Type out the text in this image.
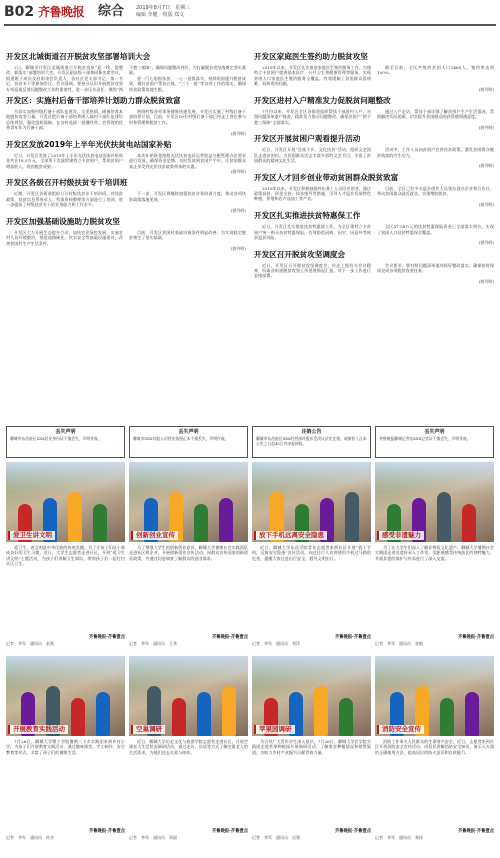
B02 齐鲁晚报 综合 2019年8月7日　星期三
编辑 李健　组版 郑文
开发区北城街道召开脱贫攻坚部署培训大会

2日，聊城市开发区北城街道召开脱贫攻坚“迎一线、促整改、抓落实”部署培训大会。开发区副县级干部黄同新出席会议，街道班子成员及驻街单位负责人、各社区党支部书记、第一书记、扶贫专干等参加会议。会议强调，要充分认识开展脱贫攻坚专项巡视反馈问题整改工作的重要性，进一步压实责任，聚焦“两不愁三保障”，确保问题整改到位，为打赢脱贫攻坚战奠定坚实基础。

要一门心思抓扶贫，一心一意抓落实，持续巩固提升脱贫成果，做好贫困户帮扶台账、“三个一批”等各项工作的落实，确保扶贫政策落地生根。

开发区：实施村后备干部培养计划助力群众脱贫致富

为切实加强村级后备干部队伍建设，全见热情，储备培育本地脱贫攻坚力量，开发区把后备干部培养纳入镇村干部队伍建设总体规划，强化组织保障，在各村选拔一批懂经营、会管理的优秀青年作为后备干部。

围绕村级各项事务健康快速发展，开发区实施了村级后备干部培养计划，目前，开发区18名村级后备干部已经走上岗位参与村务管理和脱贫工作。

(郭丹明)
开发区发放2019年上半年光伏扶贫电站国家补贴

近日，开发区发放了2019年上半年光伏扶贫电站国家补贴资金共计18.5万元，全部用于发放给建档立卡贫困户，帮助贫困户增加收入，巩固脱贫成果。

本次补贴资金按照光伏扶贫电站运营收益分配管理办法要求进行发放，确保资金足额、及时发放到贫困户手中，让贫困群众真正享受到光伏扶贫政策带来的实惠。

(郭丹明)
开发区各级召开村级扶贫专干培训班

近期，开发区各街道组织召开村级扶贫专干培训班，对扶贫政策、扶贫信息系统录入、档案资料整理等方面进行了培训，进一步提高了村级扶贫专干的业务能力和工作水平。

下一步，开发区将继续加强扶贫业务培训力度，推动各项扶贫政策落地见效。

(郭丹明)
开发区加强基础设施助力脱贫攻坚

开发区大力开展生态提升行动，加快农业绿色发展，实施农村人居环境整治，推进道路硬化、饮水安全等基础设施建设，改善贫困村生产生活条件。

目前，开发区贫困村基础设施条件明显改善，为实现稳定脱贫奠定了坚实基础。

(郭丹明)
开发区家庭医生签约助力脱贫攻坚

2019年以来，开发区扎实推进家庭医生签约服务工作，为建档立卡贫困户提供基本医疗、公共卫生和健康管理等服务，实现贫困人口家庭医生签约服务全覆盖，有效缓解了贫困群众看病难、看病贵的问题。

截至目前，全区共签约贫困人口1468人，签约率达到100%。

(郭丹明)
开发区进村入户精准发力促脱贫问题整改

7月份以来，开发区全区各街道组织帮扶干部进村入户，对照问题清单逐户排查，精准发力推动问题整改，确保贫困户“两不愁三保障”全面落实。

通过入户走访，帮扶干部详细了解贫困户生产生活情况，帮助解决实际困难，切实提升贫困群众的获得感和满意度。

(郭丹明)
开发区开展贫困户观看提升活动

近日，开发区开展“送戏下乡、文化扶贫”活动，组织文艺团队走进贫困村，为贫困群众送去丰富多彩的文艺节目，丰富了贫困群众的精神文化生活。

活动中，工作人员向贫困户宣讲扶贫政策，激发贫困群众脱贫致富的内生动力。

(郭丹明)
开发区人才回乡创业带动贫困群众脱贫致富

2019年以来，开发区积极鼓励外出务工人员回乡创业，通过政策扶持、资金支持、技术指导等措施，引导人才返乡发展特色种植、养殖和农产品加工等产业。

目前，全区已有多名返乡创业人员领办创办企业和合作社，带动贫困群众就近就业，实现增收脱贫。

(郭丹明)
开发区扎实推进扶贫特惠保工作

近日，开发区扎实推进扶贫特惠保工作，为全区建档立卡贫困户统一购买扶贫特惠保险，有效防范因病、因灾、因意外等致贫返贫风险。

全区47.58万元的扶贫特惠保险资金已全部落实到位，实现了贫困人口扶贫特惠保全覆盖。

(郭丹明)
开发区召开脱贫攻坚调度会

近日，开发区召开脱贫攻坚调度会，传达上级有关会议精神，听取各街道脱贫攻坚工作进展情况汇报，对下一步工作进行安排部署。

会议要求，要对照问题清单逐项抓好整改落实，确保按时保质完成各项脱贫攻坚任务。

(郭丹明)
丢失声明
聊城市东昌府区XXX居民身份证不慎丢失，声明作废。
丢失声明
聊城市XXX有限公司营业执照正本不慎丢失，声明作废。
注销公告
聊城市东昌府区XXX经营部经股东会决议决定注销，请债权人自本公告之日起45日内申报债权。
丢失声明
齐鲁晚报聊城记者站XXX记者证不慎丢失，声明作废。
爱卫生讲文明

爱卫生，讲文明是中华民族的传统美德。为了让孩子们从小养成良好的卫生习惯，近日，大学生志愿者走进社区，开展“爱卫生讲文明”主题活动，为孩子们讲解卫生知识，带领孩子们一起打扫社区卫生。

齐鲁晚报·齐鲁壹点
记者　李军　通讯员　赵燕
创新创业宣传

为了增强大学生的创新创业意识，聊城大学暑期社会实践团队走进社区和企业，开展创新创业宣传活动，向群众宣传国家创新创业政策，并通过问卷调查了解群众的创业需求。

齐鲁晚报·齐鲁壹点
记者　李军　通讯员　王华
放下手机远离安全隐患

近日，聊城大学东昌学院青年志愿者来到社区开展“放下手机，远离安全隐患”宣传活动，向过往行人宣讲使用手机过马路的危害，提醒大家注意出行安全，倡导文明出行。

齐鲁晚报·齐鲁壹点
记者　李军　通讯员　刘洋
感受非遗魅力

为了让大学生们深入了解非物质文化遗产，聊城大学暑期社会实践团走进非遗传承人工作室，零距离感受传统技艺的独特魅力，并就非遗的保护与传承进行了深入交流。

齐鲁晚报·齐鲁壹点
记者　李军　通讯员　张敏
开展教育实践活动

7月26日，聊城大学理工学院暑期三下乡实践团来到乡村小学，为孩子们开展教育实践活动，通过趣味课堂、手工制作、安全教育等形式，丰富了孩子们的暑期生活。

齐鲁晚报·齐鲁壹点
记者　李军　通讯员　孙杰
空巢调研

近日，聊城大学历史文化与旅游学院志愿者走进社区，开展空巢老人生活状况调研活动，通过走访、访谈等方式了解空巢老人的生活需求，为他们送去关爱与陪伴。

齐鲁晚报·齐鲁壹点
记者　李军　通讯员　周丽
苹果园调研

为引导广大青年学生深入基层，7月26日，聊城大学农学院实践团走进苹果种植园开展调研活动，了解果农种植情况和销售渠道，为助力乡村产业振兴贡献青春力量。

齐鲁晚报·齐鲁壹点
记者　李军　通讯员　吴强
消防安全宣传

消防工作事关人民群众的生命财产安全。近日，志愿者来到社区开展消防安全宣传活动，向居民讲解消防安全知识，演示灭火器的正确使用方法，提高居民的防火意识和自救能力。

齐鲁晚报·齐鲁壹点
记者　李军　通讯员　郑伟
